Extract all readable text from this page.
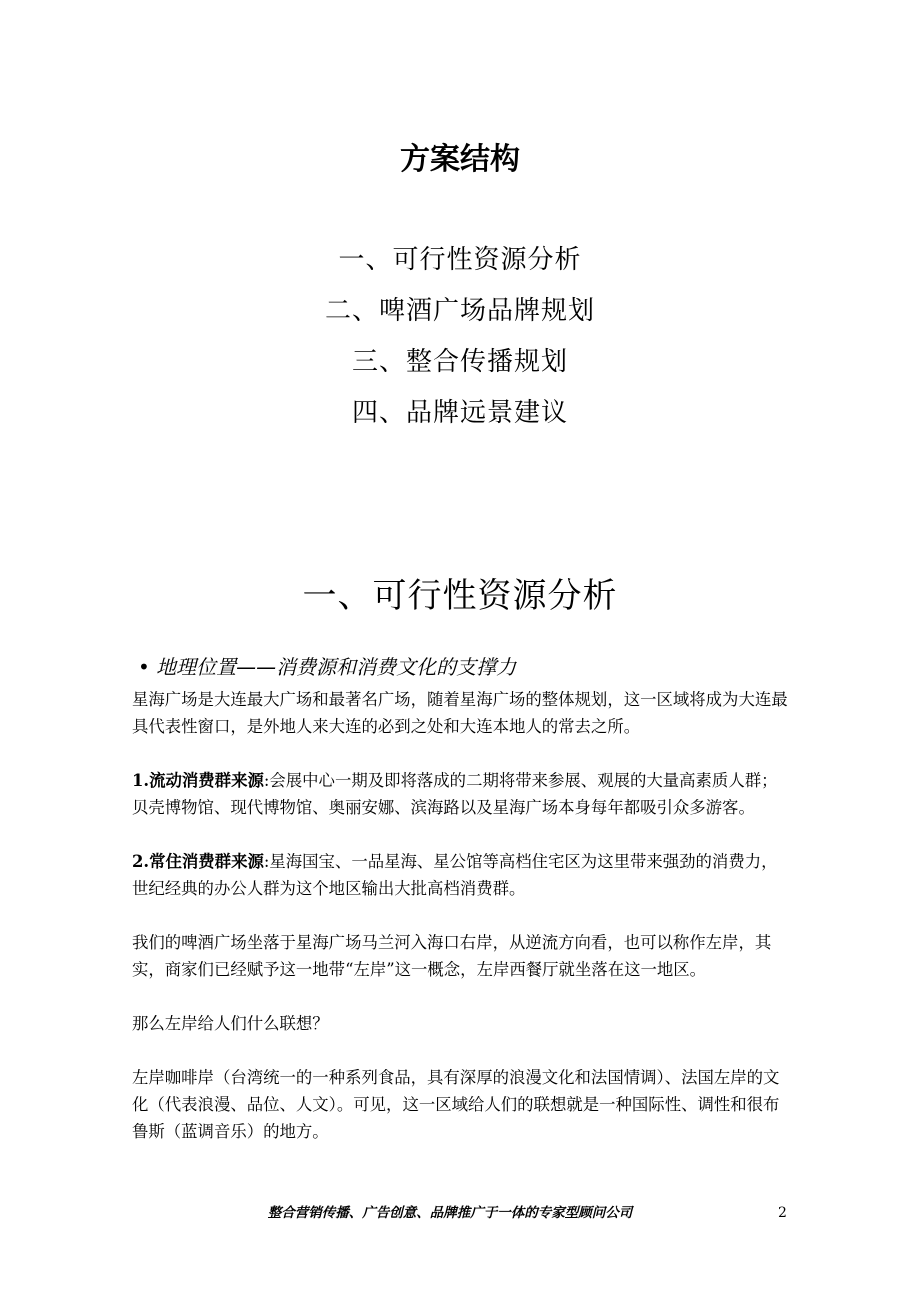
方案结构
一、可行性资源分析
二、啤酒广场品牌规划
三、整合传播规划
四、品牌远景建议
一、可行性资源分析
• 地理位置——消费源和消费文化的支撑力

星海广场是大连最大广场和最著名广场，随着星海广场的整体规划，这一区域将成为大连最具代表性窗口，是外地人来大连的必到之处和大连本地人的常去之所。

1.流动消费群来源:会展中心一期及即将落成的二期将带来参展、观展的大量高素质人群；贝壳博物馆、现代博物馆、奥丽安娜、滨海路以及星海广场本身每年都吸引众多游客。

2.常住消费群来源:星海国宝、一品星海、星公馆等高档住宅区为这里带来强劲的消费力，世纪经典的办公人群为这个地区输出大批高档消费群。

我们的啤酒广场坐落于星海广场马兰河入海口右岸，从逆流方向看，也可以称作左岸，其实，商家们已经赋予这一地带“左岸”这一概念，左岸西餐厅就坐落在这一地区。

那么左岸给人们什么联想？

左岸咖啡岸（台湾统一的一种系列食品，具有深厚的浪漫文化和法国情调）、法国左岸的文化（代表浪漫、品位、人文）。可见，这一区域给人们的联想就是一种国际性、调性和很布鲁斯（蓝调音乐）的地方。

整合营销传播、广告创意、品牌推广于一体的专家型顾问公司	2
